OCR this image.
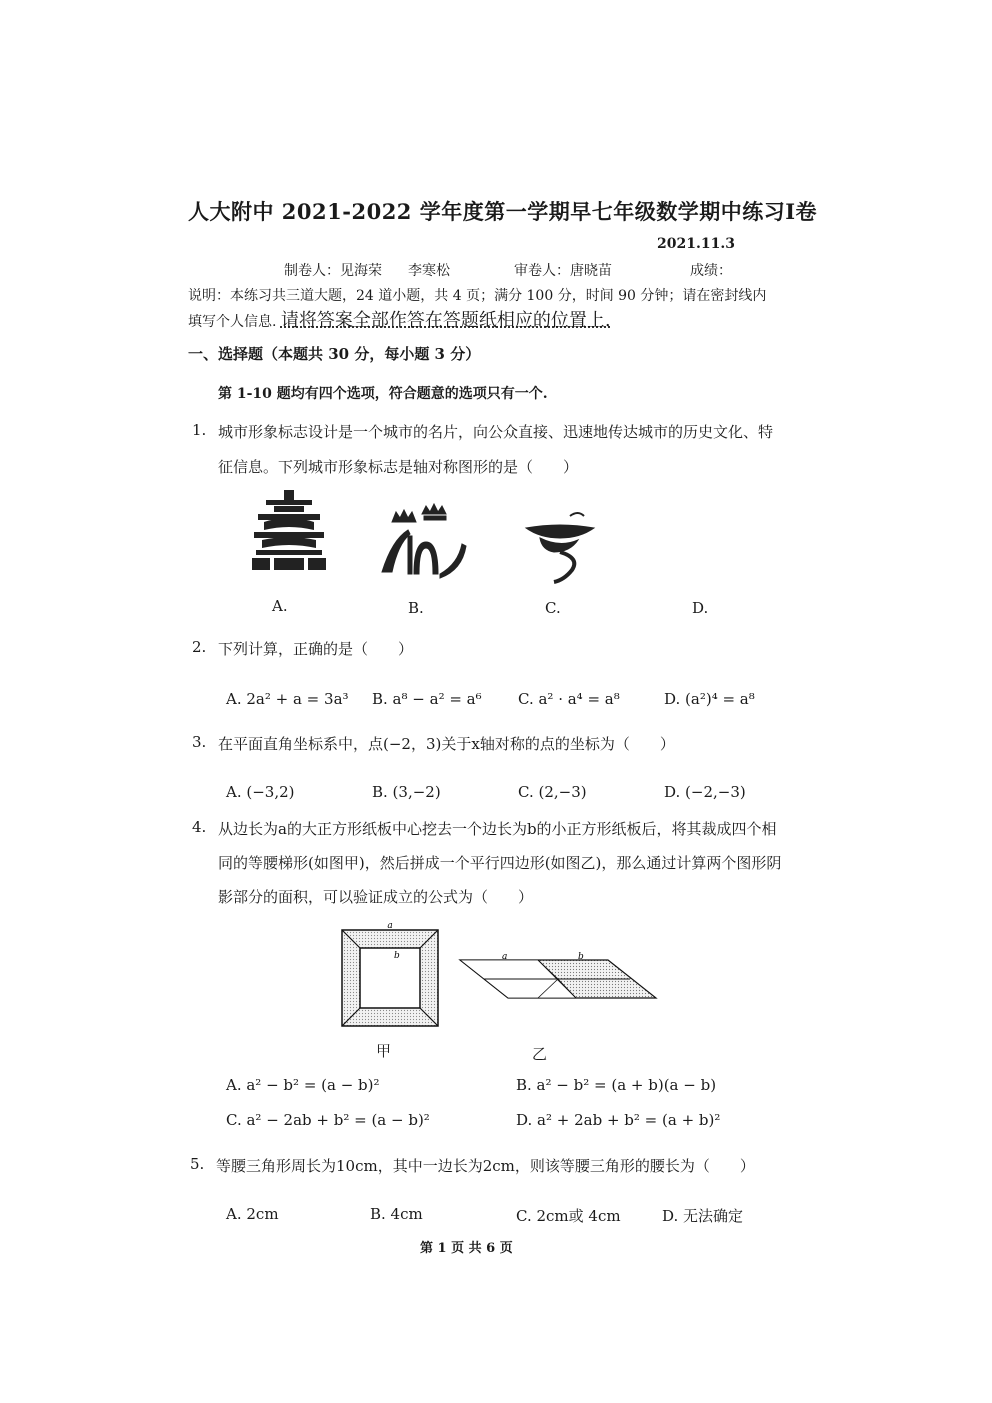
人大附中 2021-2022 学年度第一学期早七年级数学期中练习Ⅰ卷
2021.11.3
制卷人：见海荣 李寒松	审卷人：唐晓苗	成绩：
说明：本练习共三道大题，24 道小题，共 4 页；满分 100 分，时间 90 分钟；请在密封线内
填写个人信息. 请将答案全部作答在答题纸相应的位置上.
一、选择题（本题共 30 分，每小题 3 分）
第 1-10 题均有四个选项，符合题意的选项只有一个.
1. 城市形象标志设计是一个城市的名片，向公众直接、迅速地传达城市的历史文化、特
征信息。下列城市形象标志是轴对称图形的是（　　）
A.	B.	C.	D.
2. 下列计算，正确的是（　　）
A. 2a² + a = 3a³ B. a⁸ − a² = a⁶ C. a² · a⁴ = a⁸	D. (a²)⁴ = a⁸
3. 在平面直角坐标系中，点(−2，3)关于x轴对称的点的坐标为（　　）
A. (−3,2)	B. (3,−2)	C. (2,−3)	D. (−2,−3)
4. 从边长为a的大正方形纸板中心挖去一个边长为b的小正方形纸板后，将其裁成四个相
同的等腰梯形(如图甲)，然后拼成一个平行四边形(如图乙)，那么通过计算两个图形阴
影部分的面积，可以验证成立的公式为（　　）
a
b	a	b
甲	乙
A. a² − b² = (a − b)²	B. a² − b² = (a + b)(a − b)
C. a² − 2ab + b² = (a − b)²	D. a² + 2ab + b² = (a + b)²
5. 等腰三角形周长为10cm，其中一边长为2cm，则该等腰三角形的腰长为（　　）
A. 2cm	B. 4cm	C. 2cm或 4cm	D. 无法确定
第 1 页 共 6 页
